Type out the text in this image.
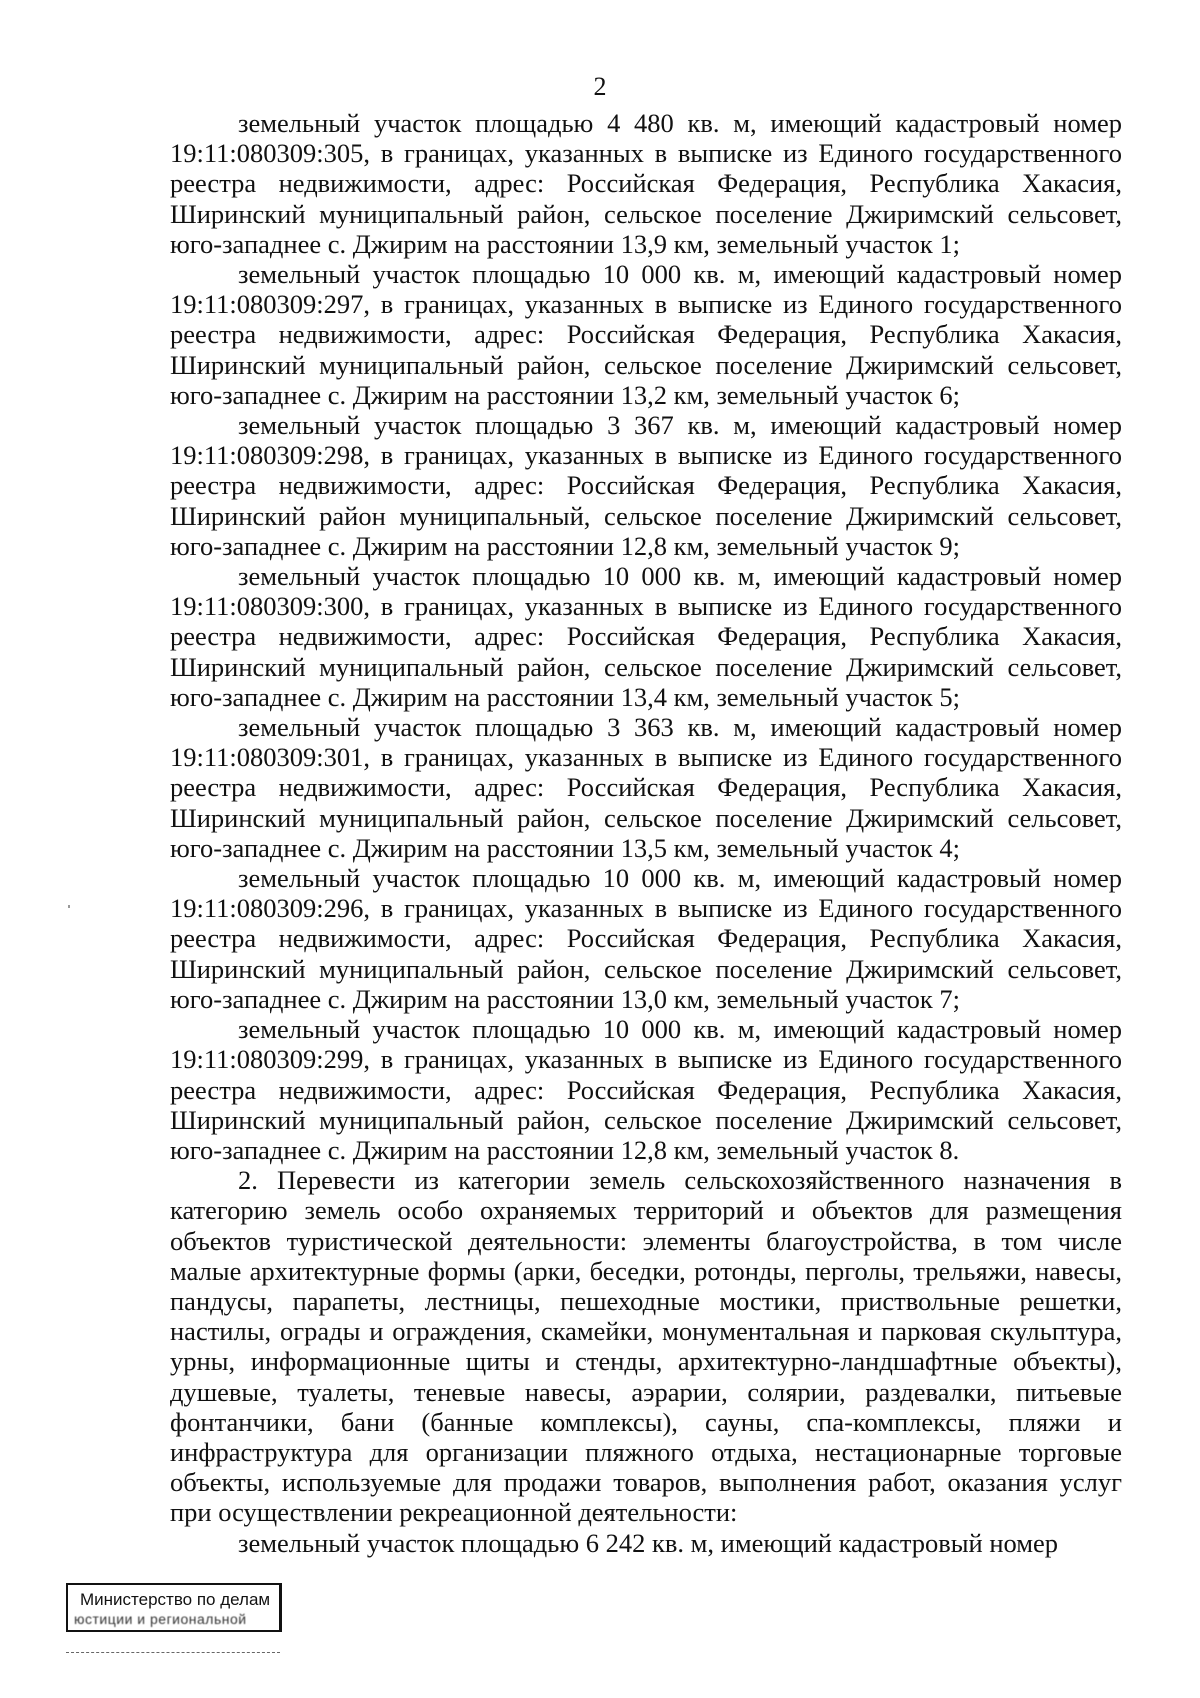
2

земельный участок площадью 4 480 кв. м, имеющий кадастровый номер 19:11:080309:305, в границах, указанных в выписке из Единого государственного реестра недвижимости, адрес: Российская Федерация, Республика Хакасия, Ширинский муниципальный район, сельское поселение Джиримский сельсовет, юго-западнее с. Джирим на расстоянии 13,9 км, земельный участок 1;

земельный участок площадью 10 000 кв. м, имеющий кадастровый номер 19:11:080309:297, в границах, указанных в выписке из Единого государственного реестра недвижимости, адрес: Российская Федерация, Республика Хакасия, Ширинский муниципальный район, сельское поселение Джиримский сельсовет, юго-западнее с. Джирим на расстоянии 13,2 км, земельный участок 6;

земельный участок площадью 3 367 кв. м, имеющий кадастровый номер 19:11:080309:298, в границах, указанных в выписке из Единого государственного реестра недвижимости, адрес: Российская Федерация, Республика Хакасия, Ширинский район муниципальный, сельское поселение Джиримский сельсовет, юго-западнее с. Джирим на расстоянии 12,8 км, земельный участок 9;

земельный участок площадью 10 000 кв. м, имеющий кадастровый номер 19:11:080309:300, в границах, указанных в выписке из Единого государственного реестра недвижимости, адрес: Российская Федерация, Республика Хакасия, Ширинский муниципальный район, сельское поселение Джиримский сельсовет, юго-западнее с. Джирим на расстоянии 13,4 км, земельный участок 5;

земельный участок площадью 3 363 кв. м, имеющий кадастровый номер 19:11:080309:301, в границах, указанных в выписке из Единого государственного реестра недвижимости, адрес: Российская Федерация, Республика Хакасия, Ширинский муниципальный район, сельское поселение Джиримский сельсовет, юго-западнее с. Джирим на расстоянии 13,5 км, земельный участок 4;

земельный участок площадью 10 000 кв. м, имеющий кадастровый номер 19:11:080309:296, в границах, указанных в выписке из Единого государственного реестра недвижимости, адрес: Российская Федерация, Республика Хакасия, Ширинский муниципальный район, сельское поселение Джиримский сельсовет, юго-западнее с. Джирим на расстоянии 13,0 км, земельный участок 7;

земельный участок площадью 10 000 кв. м, имеющий кадастровый номер 19:11:080309:299, в границах, указанных в выписке из Единого государственного реестра недвижимости, адрес: Российская Федерация, Республика Хакасия, Ширинский муниципальный район, сельское поселение Джиримский сельсовет, юго-западнее с. Джирим на расстоянии 12,8 км, земельный участок 8.

2. Перевести из категории земель сельскохозяйственного назначения в категорию земель особо охраняемых территорий и объектов для размещения объектов туристической деятельности: элементы благоустройства, в том числе малые архитектурные формы (арки, беседки, ротонды, перголы, трельяжи, навесы, пандусы, парапеты, лестницы, пешеходные мостики, приствольные решетки, настилы, ограды и ограждения, скамейки, монументальная и парковая скульптура, урны, информационные щиты и стенды, архитектурно-ландшафтные объекты), душевые, туалеты, теневые навесы, аэрарии, солярии, раздевалки, питьевые фонтанчики, бани (банные комплексы), сауны, спа-комплексы, пляжи и инфраструктура для организации пляжного отдыха, нестационарные торговые объекты, используемые для продажи товаров, выполнения работ, оказания услуг при осуществлении рекреационной деятельности:

земельный участок площадью 6 242 кв. м, имеющий кадастровый номер

Министерство по делам
юстиции и региональной
